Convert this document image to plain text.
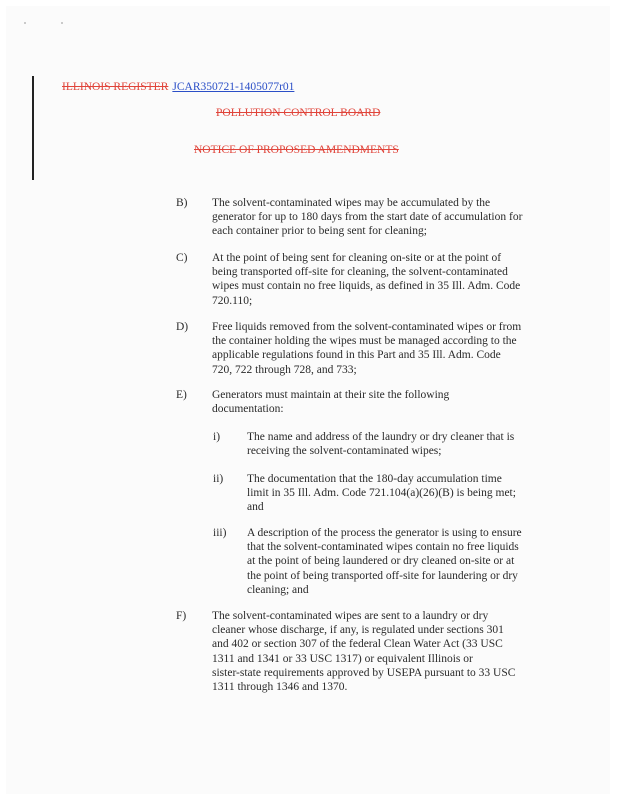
ILLINOIS REGISTER JCAR350721-1405077r01
POLLUTION CONTROL BOARD
NOTICE OF PROPOSED AMENDMENTS
B) The solvent-contaminated wipes may be accumulated by the
generator for up to 180 days from the start date of accumulation for
each container prior to being sent for cleaning;
C) At the point of being sent for cleaning on-site or at the point of
being transported off-site for cleaning, the solvent-contaminated
wipes must contain no free liquids, as defined in 35 Ill. Adm. Code
720.110;
D) Free liquids removed from the solvent-contaminated wipes or from
the container holding the wipes must be managed according to the
applicable regulations found in this Part and 35 Ill. Adm. Code
720, 722 through 728, and 733;
E) Generators must maintain at their site the following
documentation:
i) The name and address of the laundry or dry cleaner that is
receiving the solvent-contaminated wipes;
ii) The documentation that the 180-day accumulation time
limit in 35 Ill. Adm. Code 721.104(a)(26)(B) is being met;
and
iii) A description of the process the generator is using to ensure
that the solvent-contaminated wipes contain no free liquids
at the point of being laundered or dry cleaned on-site or at
the point of being transported off-site for laundering or dry
cleaning; and
F) The solvent-contaminated wipes are sent to a laundry or dry
cleaner whose discharge, if any, is regulated under sections 301
and 402 or section 307 of the federal Clean Water Act (33 USC
1311 and 1341 or 33 USC 1317) or equivalent Illinois or
sister-state requirements approved by USEPA pursuant to 33 USC
1311 through 1346 and 1370.
